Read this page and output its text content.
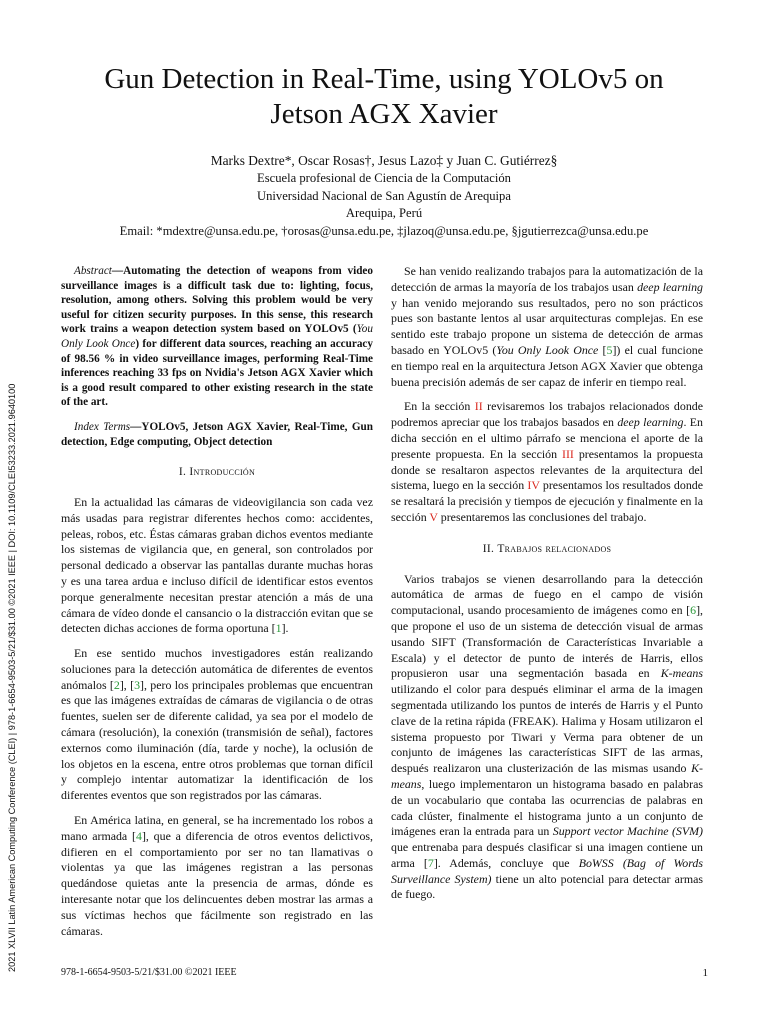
Gun Detection in Real-Time, using YOLOv5 on
Jetson AGX Xavier
Marks Dextre*, Oscar Rosas†, Jesus Lazo‡ y Juan C. Gutiérrez§
Escuela profesional de Ciencia de la Computación
Universidad Nacional de San Agustín de Arequipa
Arequipa, Perú
Email: *mdextre@unsa.edu.pe, †orosas@unsa.edu.pe, ‡jlazoq@unsa.edu.pe, §jgutierrezca@unsa.edu.pe
2021 XLVII Latin American Computing Conference (CLEI) | 978-1-6654-9503-5/21/$31.00 ©2021 IEEE | DOI: 10.1109/CLEI53233.2021.9640100

Abstract—Automating the detection of weapons from video surveillance images is a difficult task due to: lighting, focus, resolution, among others. Solving this problem would be very useful for citizen security purposes. In this sense, this research work trains a weapon detection system based on YOLOv5 (You Only Look Once) for different data sources, reaching an accuracy of 98.56 % in video surveillance images, performing Real-Time inferences reaching 33 fps on Nvidia's Jetson AGX Xavier which is a good result compared to other existing research in the state of the art.

Index Terms—YOLOv5, Jetson AGX Xavier, Real-Time, Gun detection, Edge computing, Object detection

I. Introducción

En la actualidad las cámaras de videovigilancia son cada vez más usadas para registrar diferentes hechos como: accidentes, peleas, robos, etc. Éstas cámaras graban dichos eventos mediante los sistemas de vigilancia que, en general, son controlados por personal dedicado a observar las pantallas durante muchas horas y es una tarea ardua e incluso difícil de identificar estos eventos porque generalmente necesitan prestar atención a más de una cámara de vídeo donde el cansancio o la distracción evitan que se detecten dichas acciones de forma oportuna [1].

En ese sentido muchos investigadores están realizando soluciones para la detección automática de diferentes de eventos anómalos [2], [3], pero los principales problemas que encuentran es que las imágenes extraídas de cámaras de vigilancia o de otras fuentes, suelen ser de diferente calidad, ya sea por el modelo de cámara (resolución), la conexión (transmisión de señal), factores externos como iluminación (día, tarde y noche), la oclusión de los objetos en la escena, entre otros problemas que tornan difícil y complejo intentar automatizar la identificación de los diferentes eventos que son registrados por las cámaras.

En América latina, en general, se ha incrementado los robos a mano armada [4], que a diferencia de otros eventos delictivos, difieren en el comportamiento por ser no tan llamativas o violentas ya que las imágenes registran a las personas quedándose quietas ante la presencia de armas, dónde es interesante notar que los delincuentes deben mostrar las armas a sus víctimas hechos que fácilmente son registrado en las cámaras.

Se han venido realizando trabajos para la automatización de la detección de armas la mayoría de los trabajos usan deep learning y han venido mejorando sus resultados, pero no son prácticos pues son bastante lentos al usar arquitecturas complejas. En ese sentido este trabajo propone un sistema de detección de armas basado en YOLOv5 (You Only Look Once [5]) el cual funcione en tiempo real en la arquitectura Jetson AGX Xavier que obtenga buena precisión además de ser capaz de inferir en tiempo real.

En la sección II revisaremos los trabajos relacionados donde podremos apreciar que los trabajos basados en deep learning. En dicha sección en el ultimo párrafo se menciona el aporte de la presente propuesta. En la sección III presentamos la propuesta donde se resaltaron aspectos relevantes de la arquitectura del sistema, luego en la sección IV presentamos los resultados donde se resaltará la precisión y tiempos de ejecución y finalmente en la sección V presentaremos las conclusiones del trabajo.

II. Trabajos relacionados

Varios trabajos se vienen desarrollando para la detección automática de armas de fuego en el campo de visión computacional, usando procesamiento de imágenes como en [6], que propone el uso de un sistema de detección visual de armas usando SIFT (Transformación de Características Invariable a Escala) y el detector de punto de interés de Harris, ellos propusieron usar una segmentación basada en K-means utilizando el color para después eliminar el arma de la imagen segmentada utilizando los puntos de interés de Harris y el Punto clave de la retina rápida (FREAK). Halima y Hosam utilizaron el sistema propuesto por Tiwari y Verma para obtener de un conjunto de imágenes las características SIFT de las armas, después realizaron una clusterización de las mismas usando K-means, luego implementaron un histograma basado en palabras de un vocabulario que contaba las ocurrencias de palabras en cada clúster, finalmente el histograma junto a un conjunto de imágenes eran la entrada para un Support vector Machine (SVM) que entrenaba para después clasificar si una imagen contiene un arma [7]. Además, concluye que BoWSS (Bag of Words Surveillance System) tiene un alto potencial para detectar armas de fuego.

978-1-6654-9503-5/21/$31.00 ©2021 IEEE	1
